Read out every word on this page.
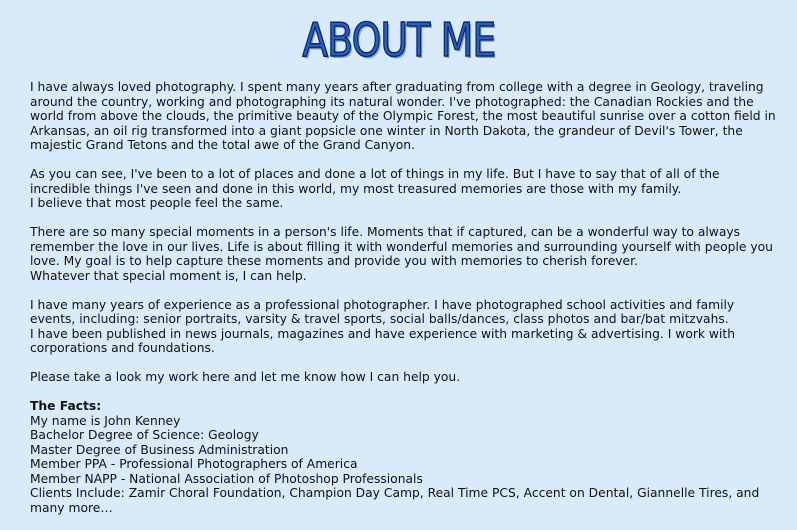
ABOUT ME

I have always loved photography. I spent many years after graduating from college with a degree in Geology, traveling around the country, working and photographing its natural wonder. I've photographed: the Canadian Rockies and the world from above the clouds, the primitive beauty of the Olympic Forest, the most beautiful sunrise over a cotton field in Arkansas, an oil rig transformed into a giant popsicle one winter in North Dakota, the grandeur of Devil's Tower, the majestic Grand Tetons and the total awe of the Grand Canyon.

As you can see, I've been to a lot of places and done a lot of things in my life. But I have to say that of all of the incredible things I've seen and done in this world, my most treasured memories are those with my family.
I believe that most people feel the same.

There are so many special moments in a person's life. Moments that if captured, can be a wonderful way to always remember the love in our lives. Life is about filling it with wonderful memories and surrounding yourself with people you love. My goal is to help capture these moments and provide you with memories to cherish forever.
Whatever that special moment is, I can help.

I have many years of experience as a professional photographer. I have photographed school activities and family events, including: senior portraits, varsity & travel sports, social balls/dances, class photos and bar/bat mitzvahs.
I have been published in news journals, magazines and have experience with marketing & advertising. I work with corporations and foundations.

Please take a look my work here and let me know how I can help you.

The Facts:
My name is John Kenney
Bachelor Degree of Science: Geology
Master Degree of Business Administration
Member PPA - Professional Photographers of America
Member NAPP - National Association of Photoshop Professionals
Clients Include: Zamir Choral Foundation, Champion Day Camp, Real Time PCS, Accent on Dental, Giannelle Tires, and many more…
